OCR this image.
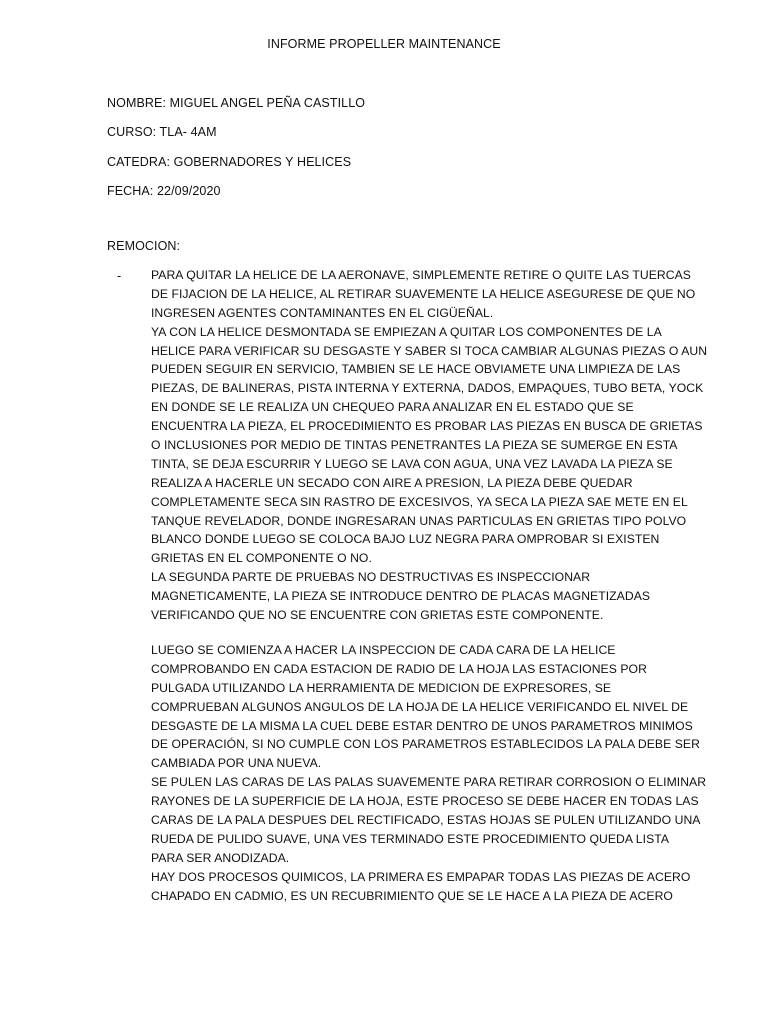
INFORME PROPELLER MAINTENANCE
NOMBRE: MIGUEL ANGEL PEÑA CASTILLO
CURSO: TLA- 4AM
CATEDRA: GOBERNADORES Y HELICES
FECHA: 22/09/2020
REMOCION:
- PARA QUITAR LA HELICE DE LA AERONAVE, SIMPLEMENTE RETIRE O QUITE LAS TUERCAS
DE FIJACION DE LA HELICE, AL RETIRAR SUAVEMENTE LA HELICE ASEGURESE DE QUE NO
INGRESEN AGENTES CONTAMINANTES EN EL CIGÜEÑAL.
YA CON LA HELICE DESMONTADA SE EMPIEZAN A QUITAR LOS COMPONENTES DE LA
HELICE PARA VERIFICAR SU DESGASTE Y SABER SI TOCA CAMBIAR ALGUNAS PIEZAS O AUN
PUEDEN SEGUIR EN SERVICIO, TAMBIEN SE LE HACE OBVIAMETE UNA LIMPIEZA DE LAS
PIEZAS, DE BALINERAS, PISTA INTERNA Y EXTERNA, DADOS, EMPAQUES, TUBO BETA, YOCK
EN DONDE SE LE REALIZA UN CHEQUEO PARA ANALIZAR EN EL ESTADO QUE SE
ENCUENTRA LA PIEZA, EL PROCEDIMIENTO ES PROBAR LAS PIEZAS EN BUSCA DE GRIETAS
O INCLUSIONES POR MEDIO DE TINTAS PENETRANTES LA PIEZA SE SUMERGE EN ESTA
TINTA, SE DEJA ESCURRIR Y LUEGO SE LAVA CON AGUA, UNA VEZ LAVADA LA PIEZA SE
REALIZA A HACERLE UN SECADO CON AIRE A PRESION, LA PIEZA DEBE QUEDAR
COMPLETAMENTE SECA SIN RASTRO DE EXCESIVOS, YA SECA LA PIEZA SAE METE EN EL
TANQUE REVELADOR, DONDE INGRESARAN UNAS PARTICULAS EN GRIETAS TIPO POLVO
BLANCO DONDE LUEGO SE COLOCA BAJO LUZ NEGRA PARA OMPROBAR SI EXISTEN
GRIETAS EN EL COMPONENTE O NO.
LA SEGUNDA PARTE DE PRUEBAS NO DESTRUCTIVAS ES INSPECCIONAR
MAGNETICAMENTE, LA PIEZA SE INTRODUCE DENTRO DE PLACAS MAGNETIZADAS
VERIFICANDO QUE NO SE ENCUENTRE CON GRIETAS ESTE COMPONENTE.
LUEGO SE COMIENZA A HACER LA INSPECCION DE CADA CARA DE LA HELICE
COMPROBANDO EN CADA ESTACION DE RADIO DE LA HOJA LAS ESTACIONES POR
PULGADA UTILIZANDO LA HERRAMIENTA DE MEDICION DE EXPRESORES, SE
COMPRUEBAN ALGUNOS ANGULOS DE LA HOJA DE LA HELICE VERIFICANDO EL NIVEL DE
DESGASTE DE LA MISMA LA CUEL DEBE ESTAR DENTRO DE UNOS PARAMETROS MINIMOS
DE OPERACIÓN, SI NO CUMPLE CON LOS PARAMETROS ESTABLECIDOS LA PALA DEBE SER
CAMBIADA POR UNA NUEVA.
SE PULEN LAS CARAS DE LAS PALAS SUAVEMENTE PARA RETIRAR CORROSION O ELIMINAR
RAYONES DE LA SUPERFICIE DE LA HOJA, ESTE PROCESO SE DEBE HACER EN TODAS LAS
CARAS DE LA PALA DESPUES DEL RECTIFICADO, ESTAS HOJAS SE PULEN UTILIZANDO UNA
RUEDA DE PULIDO SUAVE, UNA VES TERMINADO ESTE PROCEDIMIENTO QUEDA LISTA
PARA SER ANODIZADA.
HAY DOS PROCESOS QUIMICOS, LA PRIMERA ES EMPAPAR TODAS LAS PIEZAS DE ACERO
CHAPADO EN CADMIO, ES UN RECUBRIMIENTO QUE SE LE HACE A LA PIEZA DE ACERO
